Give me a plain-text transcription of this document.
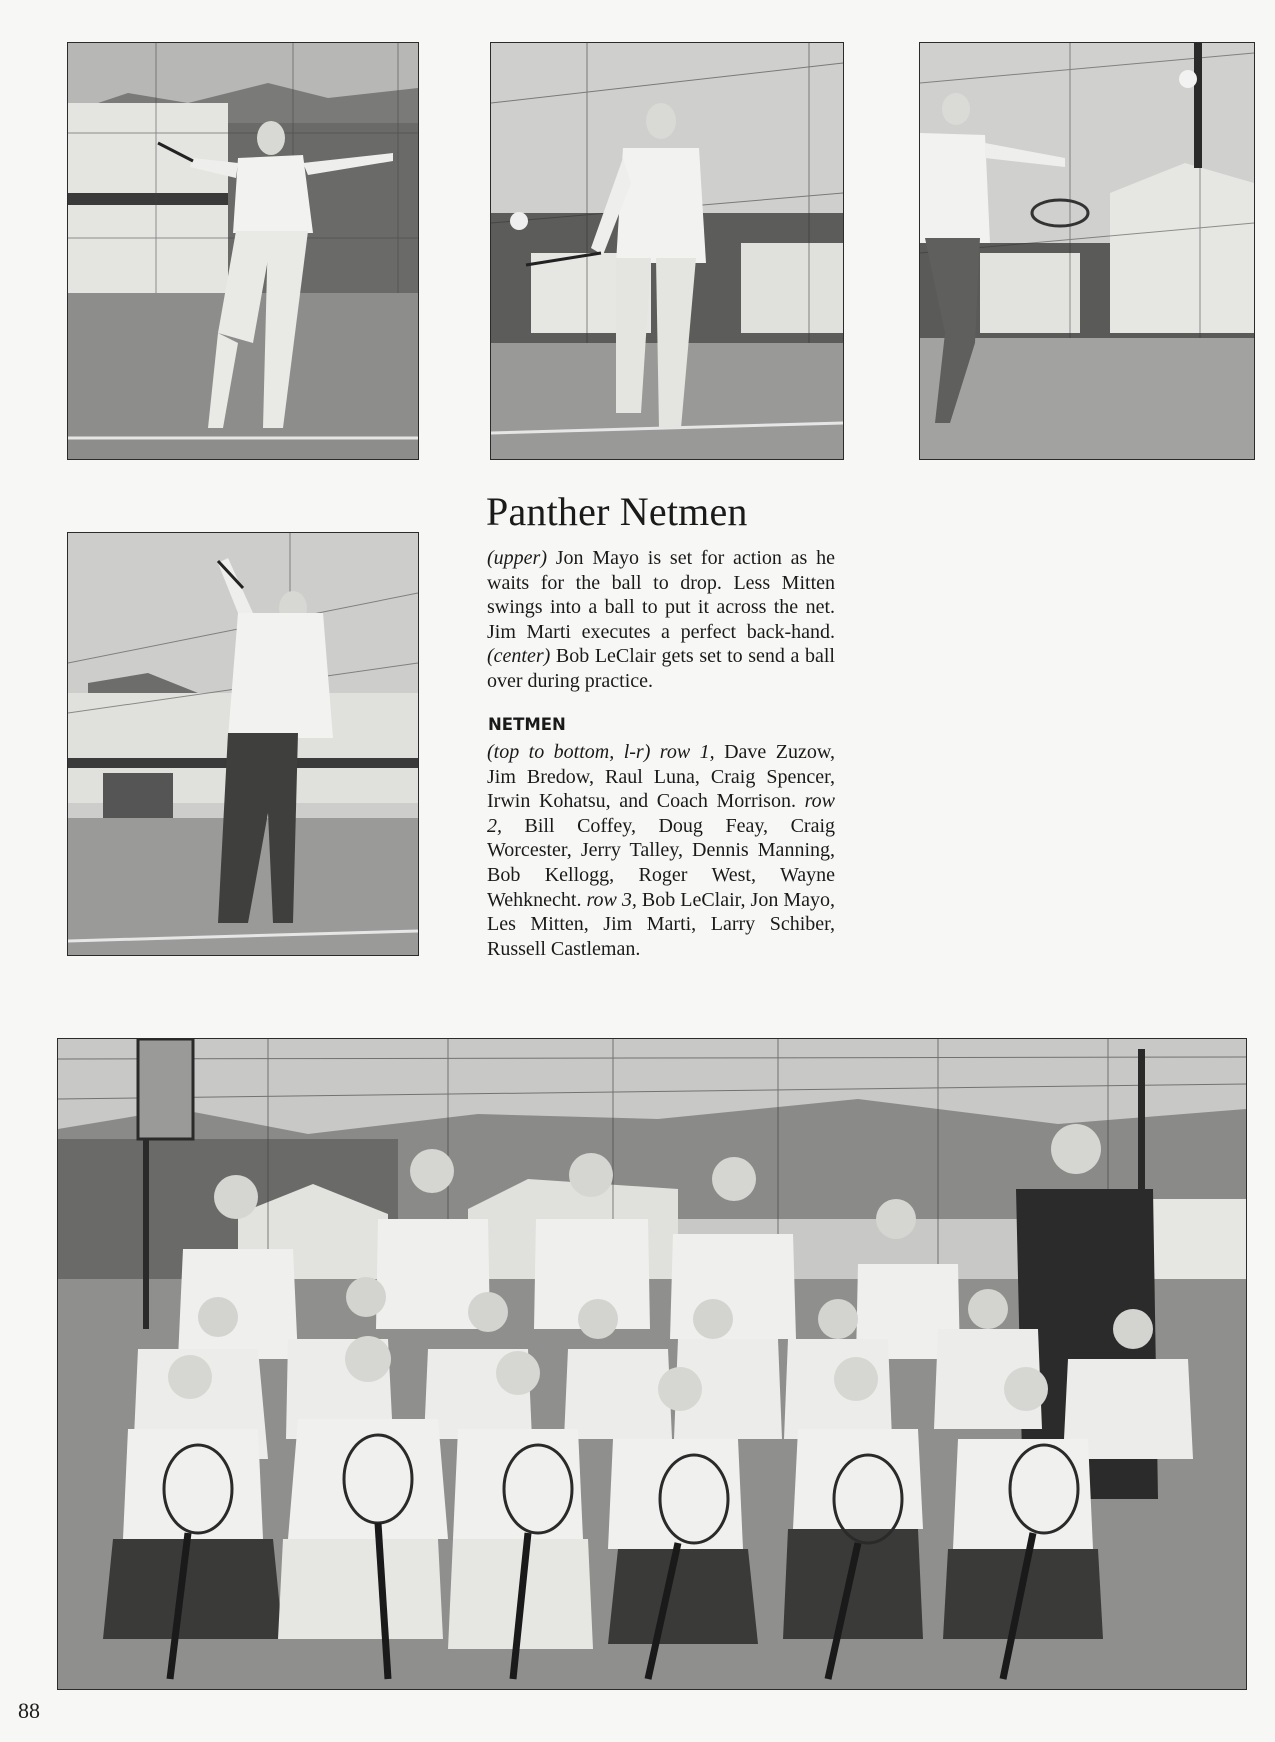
Panther Netmen
(upper) Jon Mayo is set for action as he waits for the ball to drop. Less Mitten swings into a ball to put it across the net. Jim Marti executes a perfect back-hand. (center) Bob LeClair gets set to send a ball over during practice.
NETMEN
(top to bottom, l-r) row 1, Dave Zuzow, Jim Bredow, Raul Luna, Craig Spencer, Irwin Kohatsu, and Coach Morrison. row 2, Bill Coffey, Doug Feay, Craig Worcester, Jerry Talley, Dennis Manning, Bob Kellogg, Roger West, Wayne Wehknecht. row 3, Bob LeClair, Jon Mayo, Les Mitten, Jim Marti, Larry Schiber, Russell Castleman.
88
